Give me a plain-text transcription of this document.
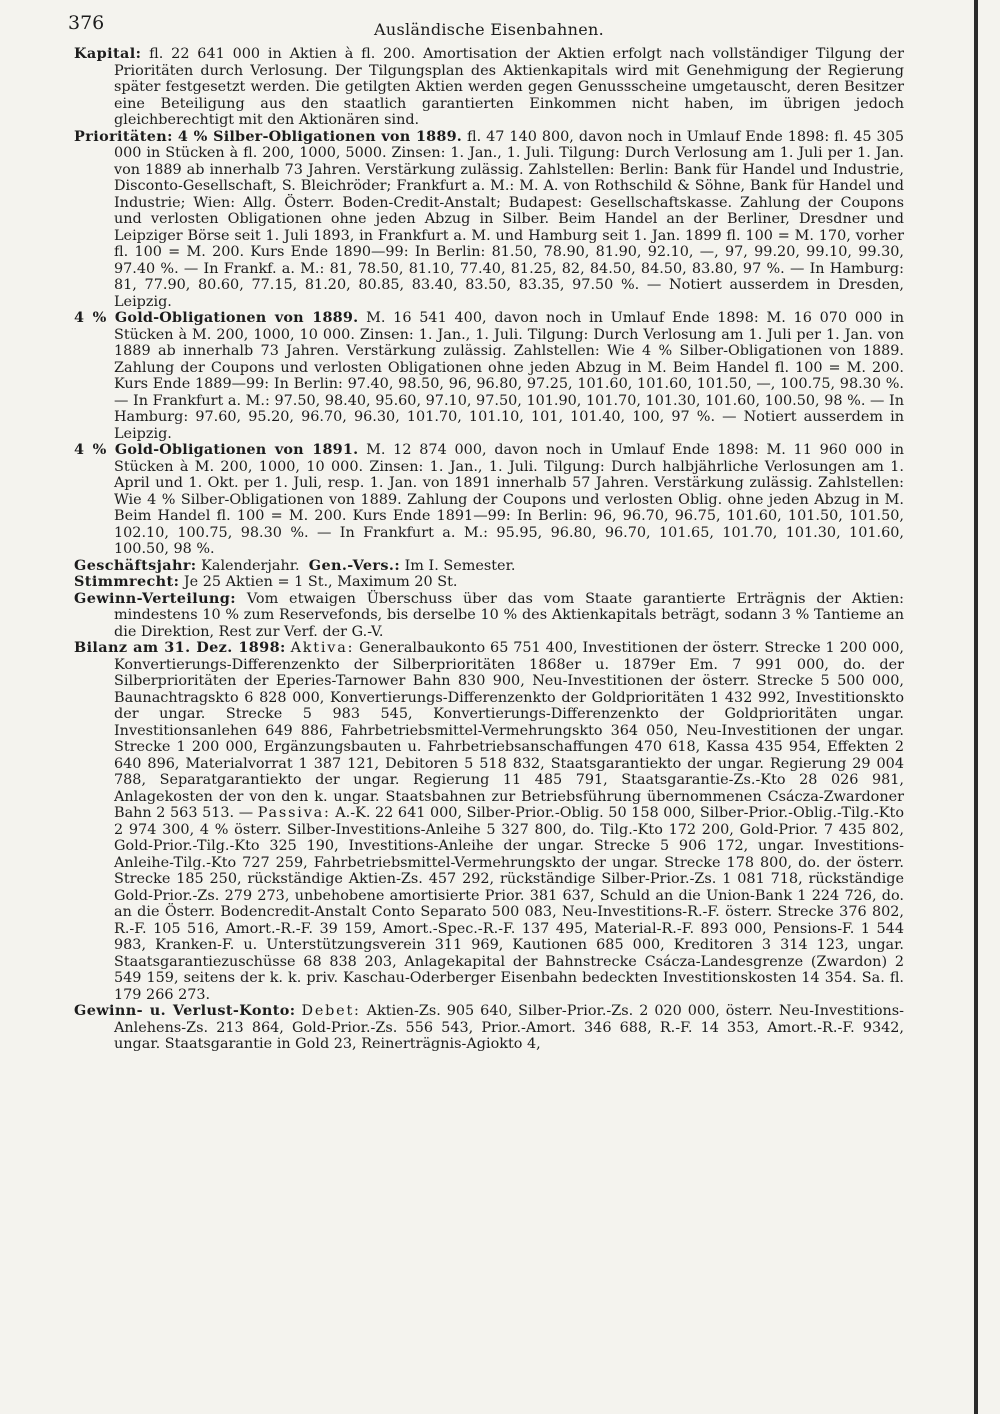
376	Ausländische Eisenbahnen.

Kapital: fl. 22 641 000 in Aktien à fl. 200. Amortisation der Aktien erfolgt nach vollständiger Tilgung der Prioritäten durch Verlosung. Der Tilgungsplan des Aktienkapitals wird mit Genehmigung der Regierung später festgesetzt werden. Die getilgten Aktien werden gegen Genussscheine umgetauscht, deren Besitzer eine Beteiligung aus den staatlich garantierten Einkommen nicht haben, im übrigen jedoch gleichberechtigt mit den Aktionären sind.

Prioritäten: 4 % Silber-Obligationen von 1889. fl. 47 140 800, davon noch in Umlauf Ende 1898: fl. 45 305 000 in Stücken à fl. 200, 1000, 5000. Zinsen: 1. Jan., 1. Juli. Tilgung: Durch Verlosung am 1. Juli per 1. Jan. von 1889 ab innerhalb 73 Jahren. Verstärkung zulässig. Zahlstellen: Berlin: Bank für Handel und Industrie, Disconto-Gesellschaft, S. Bleichröder; Frankfurt a. M.: M. A. von Rothschild & Söhne, Bank für Handel und Industrie; Wien: Allg. Österr. Boden-Credit-Anstalt; Budapest: Gesellschaftskasse. Zahlung der Coupons und verlosten Obligationen ohne jeden Abzug in Silber. Beim Handel an der Berliner, Dresdner und Leipziger Börse seit 1. Juli 1893, in Frankfurt a. M. und Hamburg seit 1. Jan. 1899 fl. 100 = M. 170, vorher fl. 100 = M. 200. Kurs Ende 1890—99: In Berlin: 81.50, 78.90, 81.90, 92.10, —, 97, 99.20, 99.10, 99.30, 97.40 %. — In Frankf. a. M.: 81, 78.50, 81.10, 77.40, 81.25, 82, 84.50, 84.50, 83.80, 97 %. — In Hamburg: 81, 77.90, 80.60, 77.15, 81.20, 80.85, 83.40, 83.50, 83.35, 97.50 %. — Notiert ausserdem in Dresden, Leipzig.

4 % Gold-Obligationen von 1889. M. 16 541 400, davon noch in Umlauf Ende 1898: M. 16 070 000 in Stücken à M. 200, 1000, 10 000. Zinsen: 1. Jan., 1. Juli. Tilgung: Durch Verlosung am 1. Juli per 1. Jan. von 1889 ab innerhalb 73 Jahren. Verstärkung zulässig. Zahlstellen: Wie 4 % Silber-Obligationen von 1889. Zahlung der Coupons und verlosten Obligationen ohne jeden Abzug in M. Beim Handel fl. 100 = M. 200. Kurs Ende 1889—99: In Berlin: 97.40, 98.50, 96, 96.80, 97.25, 101.60, 101.60, 101.50, —, 100.75, 98.30 %. — In Frankfurt a. M.: 97.50, 98.40, 95.60, 97.10, 97.50, 101.90, 101.70, 101.30, 101.60, 100.50, 98 %. — In Hamburg: 97.60, 95.20, 96.70, 96.30, 101.70, 101.10, 101, 101.40, 100, 97 %. — Notiert ausserdem in Leipzig.

4 % Gold-Obligationen von 1891. M. 12 874 000, davon noch in Umlauf Ende 1898: M. 11 960 000 in Stücken à M. 200, 1000, 10 000. Zinsen: 1. Jan., 1. Juli. Tilgung: Durch halbjährliche Verlosungen am 1. April und 1. Okt. per 1. Juli, resp. 1. Jan. von 1891 innerhalb 57 Jahren. Verstärkung zulässig. Zahlstellen: Wie 4 % Silber-Obligationen von 1889. Zahlung der Coupons und verlosten Oblig. ohne jeden Abzug in M. Beim Handel fl. 100 = M. 200. Kurs Ende 1891—99: In Berlin: 96, 96.70, 96.75, 101.60, 101.50, 101.50, 102.10, 100.75, 98.30 %. — In Frankfurt a. M.: 95.95, 96.80, 96.70, 101.65, 101.70, 101.30, 101.60, 100.50, 98 %.

Geschäftsjahr: Kalenderjahr. Gen.-Vers.: Im I. Semester.

Stimmrecht: Je 25 Aktien = 1 St., Maximum 20 St.

Gewinn-Verteilung: Vom etwaigen Überschuss über das vom Staate garantierte Erträgnis der Aktien: mindestens 10 % zum Reservefonds, bis derselbe 10 % des Aktienkapitals beträgt, sodann 3 % Tantieme an die Direktion, Rest zur Verf. der G.-V.

Bilanz am 31. Dez. 1898: Aktiva: Generalbaukonto 65 751 400, Investitionen der österr. Strecke 1 200 000, Konvertierungs-Differenzenkto der Silberprioritäten 1868er u. 1879er Em. 7 991 000, do. der Silberprioritäten der Eperies-Tarnower Bahn 830 900, Neu-Investitionen der österr. Strecke 5 500 000, Baunachtragskto 6 828 000, Konvertierungs-Differenzenkto der Goldprioritäten 1 432 992, Investitionskto der ungar. Strecke 5 983 545, Konvertierungs-Differenzenkto der Goldprioritäten ungar. Investitionsanlehen 649 886, Fahrbetriebsmittel-Vermehrungskto 364 050, Neu-Investitionen der ungar. Strecke 1 200 000, Ergänzungsbauten u. Fahrbetriebsanschaffungen 470 618, Kassa 435 954, Effekten 2 640 896, Materialvorrat 1 387 121, Debitoren 5 518 832, Staatsgarantiekto der ungar. Regierung 29 004 788, Separatgarantiekto der ungar. Regierung 11 485 791, Staatsgarantie-Zs.-Kto 28 026 981, Anlagekosten der von den k. ungar. Staatsbahnen zur Betriebsführung übernommenen Csácza-Zwardoner Bahn 2 563 513. — Passiva: A.-K. 22 641 000, Silber-Prior.-Oblig. 50 158 000, Silber-Prior.-Oblig.-Tilg.-Kto 2 974 300, 4 % österr. Silber-Investitions-Anleihe 5 327 800, do. Tilg.-Kto 172 200, Gold-Prior. 7 435 802, Gold-Prior.-Tilg.-Kto 325 190, Investitions-Anleihe der ungar. Strecke 5 906 172, ungar. Investitions-Anleihe-Tilg.-Kto 727 259, Fahrbetriebsmittel-Vermehrungskto der ungar. Strecke 178 800, do. der österr. Strecke 185 250, rückständige Aktien-Zs. 457 292, rückständige Silber-Prior.-Zs. 1 081 718, rückständige Gold-Prior.-Zs. 279 273, unbehobene amortisierte Prior. 381 637, Schuld an die Union-Bank 1 224 726, do. an die Österr. Bodencredit-Anstalt Conto Separato 500 083, Neu-Investitions-R.-F. österr. Strecke 376 802, R.-F. 105 516, Amort.-R.-F. 39 159, Amort.-Spec.-R.-F. 137 495, Material-R.-F. 893 000, Pensions-F. 1 544 983, Kranken-F. u. Unterstützungsverein 311 969, Kautionen 685 000, Kreditoren 3 314 123, ungar. Staatsgarantiezuschüsse 68 838 203, Anlagekapital der Bahnstrecke Csácza-Landesgrenze (Zwardon) 2 549 159, seitens der k. k. priv. Kaschau-Oderberger Eisenbahn bedeckten Investitionskosten 14 354. Sa. fl. 179 266 273.

Gewinn- u. Verlust-Konto: Debet: Aktien-Zs. 905 640, Silber-Prior.-Zs. 2 020 000, österr. Neu-Investitions-Anlehens-Zs. 213 864, Gold-Prior.-Zs. 556 543, Prior.-Amort. 346 688, R.-F. 14 353, Amort.-R.-F. 9342, ungar. Staatsgarantie in Gold 23, Reinerträgnis-Agiokto 4,
